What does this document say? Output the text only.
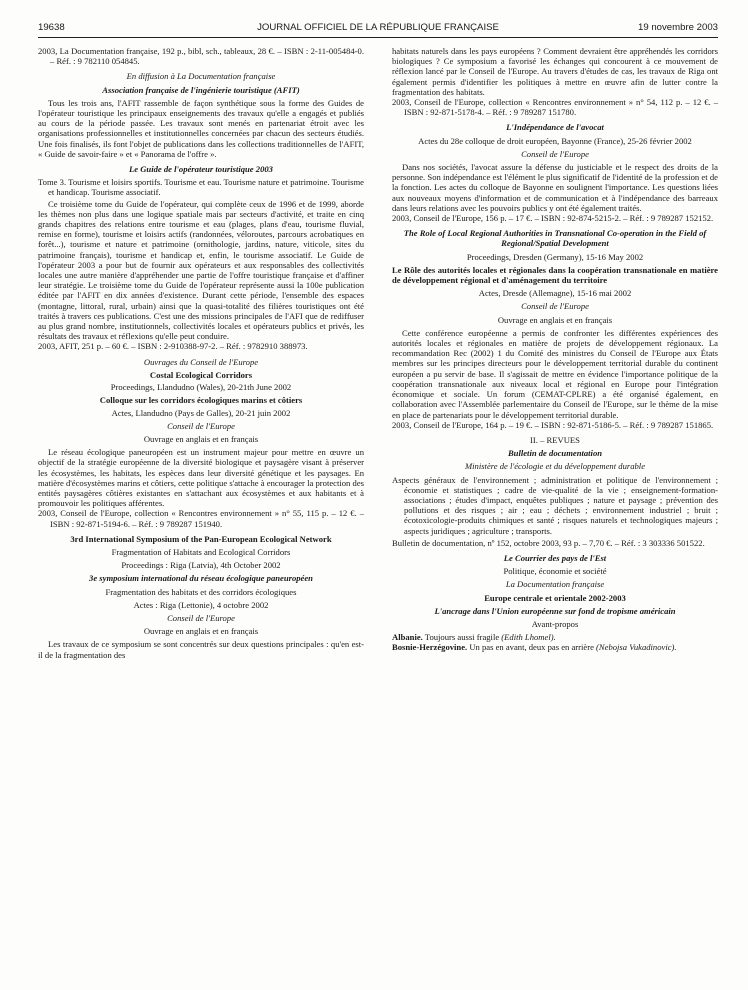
19638	JOURNAL OFFICIEL DE LA RÉPUBLIQUE FRANÇAISE	19 novembre 2003

2003, La Documentation française, 192 p., bibl, sch., tableaux, 28 €. – ISBN : 2-11-005484-0. – Réf. : 9 782110 054845.

En diffusion à La Documentation française

Association française de l'ingénierie touristique (AFIT)

Tous les trois ans, l'AFIT rassemble de façon synthétique sous la forme des Guides de l'opérateur touristique les principaux enseignements des travaux qu'elle a engagés et publiés au cours de la période passée. Les travaux sont menés en partenariat étroit avec les organisations professionnelles et institutionnelles concernées par chacun des secteurs étudiés. Une fois finalisés, ils font l'objet de publications dans les collections traditionnelles de l'AFIT, « Guide de savoir-faire » et « Panorama de l'offre ».

Le Guide de l'opérateur touristique 2003

Tome 3. Tourisme et loisirs sportifs. Tourisme et eau. Tourisme nature et patrimoine. Tourisme et handicap. Tourisme associatif.

Ce troisième tome du Guide de l'opérateur, qui complète ceux de 1996 et de 1999, aborde les thèmes non plus dans une logique spatiale mais par secteurs d'activité, et traite en cinq grands chapitres des relations entre tourisme et eau (plages, plans d'eau, tourisme fluvial, remise en forme), tourisme et loisirs actifs (randonnées, véloroutes, parcours acrobatiques en forêt...), tourisme et nature et patrimoine (ornithologie, jardins, nature, viticole, sites du patrimoine français), tourisme et handicap et, enfin, le tourisme associatif. Le Guide de l'opérateur 2003 a pour but de fournir aux opérateurs et aux responsables des collectivités locales une autre manière d'appréhender une partie de l'offre touristique française et d'affiner leur stratégie. Le troisième tome du Guide de l'opérateur représente aussi la 100e publication éditée par l'AFIT en dix années d'existence. Durant cette période, l'ensemble des espaces (montagne, littoral, rural, urbain) ainsi que la quasi-totalité des filières touristiques ont été traités à travers ces publications. C'est une des missions principales de l'AFI que de rediffuser au plus grand nombre, institutionnels, collectivités locales et opérateurs publics et privés, les résultats des travaux et réflexions qu'elle peut conduire.

2003, AFIT, 251 p. – 60 €. – ISBN : 2-910388-97-2. – Réf. : 9782910 388973.

Ouvrages du Conseil de l'Europe

Costal Ecological Corridors

Proceedings, Llandudno (Wales), 20-21th June 2002

Colloque sur les corridors écologiques marins et côtiers

Actes, Llandudno (Pays de Galles), 20-21 juin 2002

Conseil de l'Europe

Ouvrage en anglais et en français

Le réseau écologique paneuropéen est un instrument majeur pour mettre en œuvre un objectif de la stratégie européenne de la diversité biologique et paysagère visant à préserver les écosystèmes, les habitats, les espèces dans leur diversité génétique et les paysages. En matière d'écosystèmes marins et côtiers, cette politique s'attache à encourager la protection des entités paysagères côtières existantes en s'attachant aux écosystèmes et aux habitants et à promouvoir les politiques afférentes.

2003, Conseil de l'Europe, collection « Rencontres environnement » n° 55, 115 p. – 12 €. – ISBN : 92-871-5194-6. – Réf. : 9 789287 151940.

3rd International Symposium of the Pan-European Ecological Network

Fragmentation of Habitats and Ecological Corridors

Proceedings : Riga (Latvia), 4th October 2002

3e symposium international du réseau écologique paneuropéen

Fragmentation des habitats et des corridors écologiques

Actes : Riga (Lettonie), 4 octobre 2002

Conseil de l'Europe

Ouvrage en anglais et en français

Les travaux de ce symposium se sont concentrés sur deux questions principales : qu'en est-il de la fragmentation des

habitats naturels dans les pays européens ? Comment devraient être appréhendés les corridors biologiques ? Ce symposium a favorisé les échanges qui concourent à ce mouvement de réflexion lancé par le Conseil de l'Europe. Au travers d'études de cas, les travaux de Riga ont également permis d'identifier les politiques à mettre en œuvre afin de lutter contre la fragmentation des habitats.

2003, Conseil de l'Europe, collection « Rencontres environnement » n° 54, 112 p. – 12 €. – ISBN : 92-871-5178-4. – Réf. : 9 789287 151780.

L'Indépendance de l'avocat

Actes du 28e colloque de droit européen, Bayonne (France), 25-26 février 2002

Conseil de l'Europe

Dans nos sociétés, l'avocat assure la défense du justiciable et le respect des droits de la personne. Son indépendance est l'élément le plus significatif de l'identité de la profession et de la fonction. Les actes du colloque de Bayonne en soulignent l'importance. Les questions liées aux nouveaux moyens d'information et de communication et à l'indépendance des barreaux dans leurs relations avec les pouvoirs publics y ont été également traités.

2003, Conseil de l'Europe, 156 p. – 17 €. – ISBN : 92-874-5215-2. – Réf. : 9 789287 152152.

The Role of Local Regional Authorities in Transnational Co-operation in the Field of Regional/Spatial Development

Proceedings, Dresden (Germany), 15-16 May 2002

Le Rôle des autorités locales et régionales dans la coopération transnationale en matière de développement régional et d'aménagement du territoire

Actes, Dresde (Allemagne), 15-16 mai 2002

Conseil de l'Europe

Ouvrage en anglais et en français

Cette conférence européenne a permis de confronter les différentes expériences des autorités locales et régionales en matière de projets de développement régionaux. La recommandation Rec (2002) 1 du Comité des ministres du Conseil de l'Europe aux États membres sur les principes directeurs pour le développement territorial durable du continent européen a pu servir de base. Il s'agissait de mettre en évidence l'importance politique de la coopération transnationale aux niveaux local et régional en Europe pour l'intégration économique et sociale. Un forum (CEMAT-CPLRE) a été organisé également, en collaboration avec l'Assemblée parlementaire du Conseil de l'Europe, sur le thème de la mise en place de partenariats pour le développement territorial durable.

2003, Conseil de l'Europe, 164 p. – 19 €. – ISBN : 92-871-5186-5. – Réf. : 9 789287 151865.

II. – REVUES

Bulletin de documentation

Ministère de l'écologie et du développement durable

Aspects généraux de l'environnement ; administration et politique de l'environnement ; économie et statistiques ; cadre de vie-qualité de la vie ; enseignement-formation-associations ; études d'impact, enquêtes publiques ; nature et paysage ; prévention des pollutions et des risques ; air ; eau ; déchets ; environnement industriel ; bruit ; écotoxicologie-produits chimiques et santé ; risques naturels et technologiques majeurs ; aspects juridiques ; agriculture ; transports.

Bulletin de documentation, nº 152, octobre 2003, 93 p. – 7,70 €. – Réf. : 3 303336 501522.

Le Courrier des pays de l'Est

Politique, économie et société

La Documentation française

Europe centrale et orientale 2002-2003

L'ancrage dans l'Union européenne sur fond de tropisme américain

Avant-propos

Albanie. Toujours aussi fragile (Edith Lhomel).

Bosnie-Herzégovine. Un pas en avant, deux pas en arrière (Nebojsa Vukadinovic).
